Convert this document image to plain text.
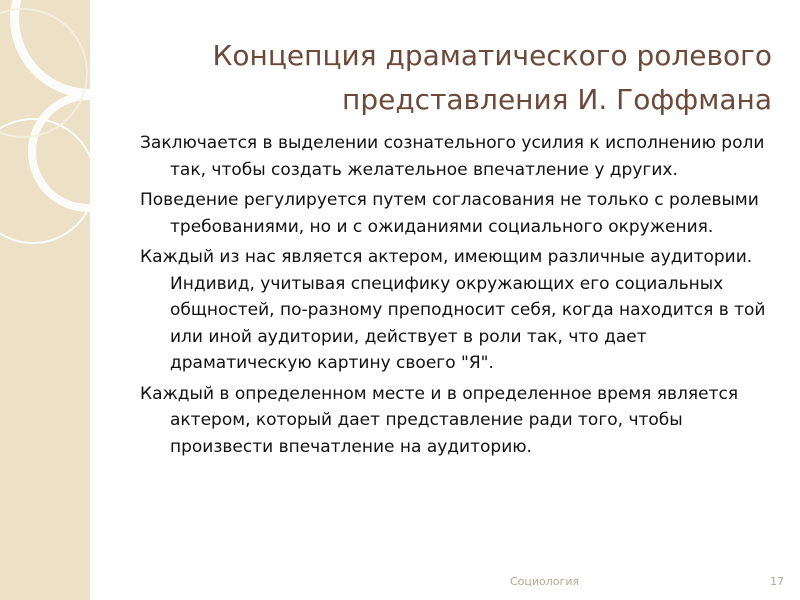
Концепция драматического ролевого
представления И. Гоффмана

Заключается в выделении сознательного усилия к исполнению роли так, чтобы создать желательное впечатление у других.

Поведение регулируется путем согласования не только с ролевыми требованиями, но и с ожиданиями социального окружения.

Каждый из нас является актером, имеющим различные аудитории. Индивид, учитывая специфику окружающих его социальных общностей, по-разному преподносит себя, когда находится в той или иной аудитории, действует в роли так, что дает драматическую картину своего "Я".

Каждый в определенном месте и в определенное время является актером, который дает представление ради того, чтобы произвести впечатление на аудиторию.

Социология	17
